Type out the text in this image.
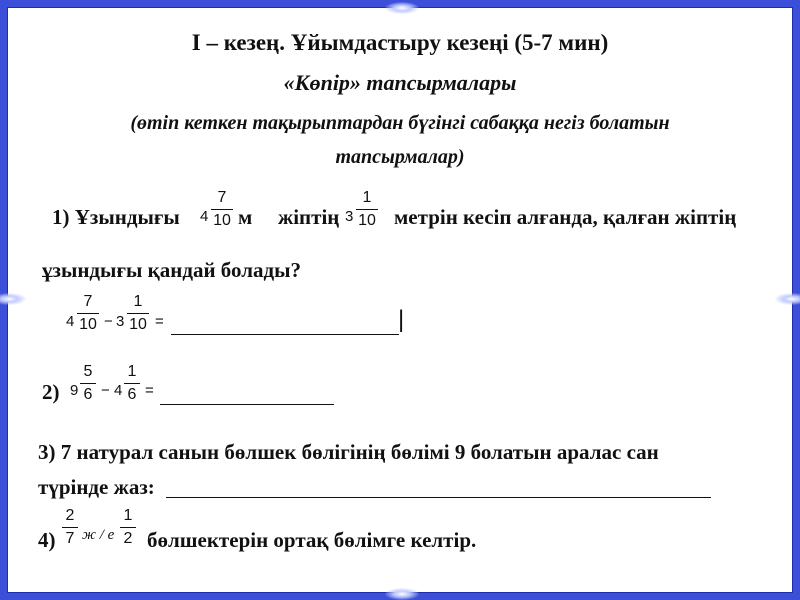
І – кезең. Ұйымдастыру кезеңі (5-7 мин)
«Көпір» тапсырмалары
(өтіп кеткен тақырыптардан бүгінгі сабаққа негіз болатын
тапсырмалар)
1) Ұзындығы 4
7
10 м жіптің 3
1
10 метрін кесіп алғанда, қалған жіптің
ұзындығы қандай болады?
4
7
10 − 3
1
10 =	|
2) 9
5
6 − 4
1
6 =
3) 7 натурал санын бөлшек бөлігінің бөлімі 9 болатын аралас сан
түрінде жаз:
4)
2
7 ж / е
1
2 бөлшектерін ортақ бөлімге келтір.
